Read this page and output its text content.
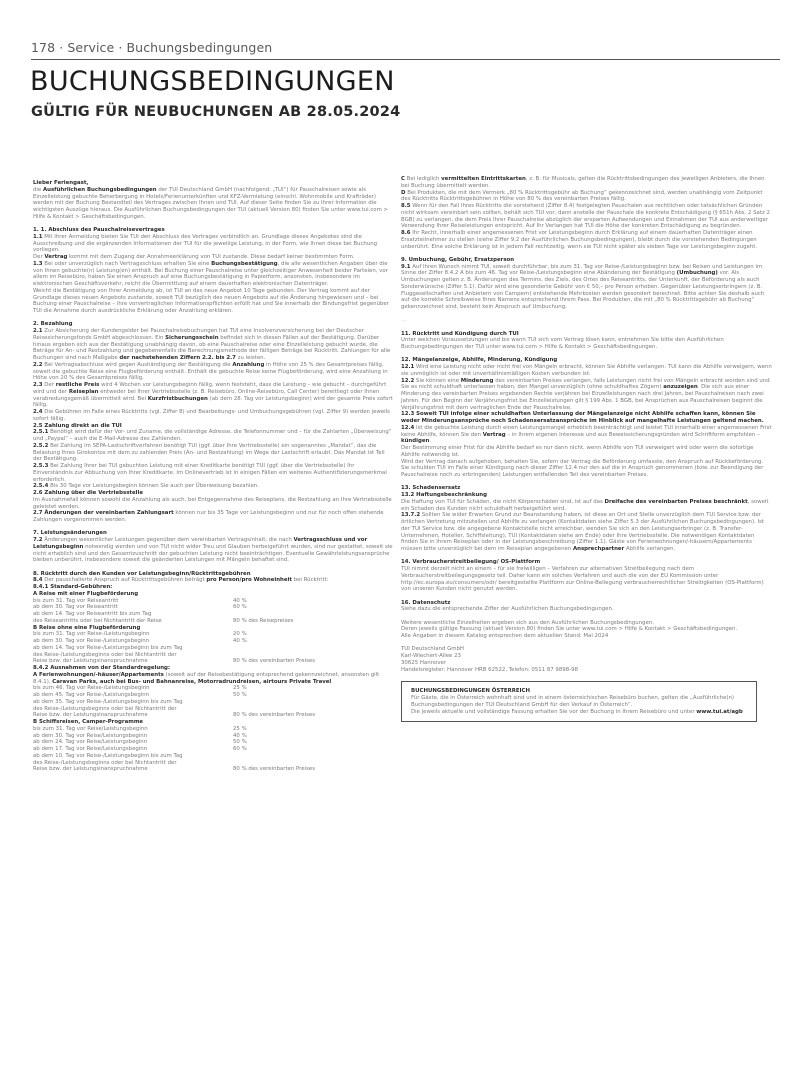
178 · Service · Buchungsbedingungen
BUCHUNGSBEDINGUNGEN
GÜLTIG FÜR NEUBUCHUNGEN AB 28.05.2024

Lieber Feriengast,

die Ausführlichen Buchungsbedingungen der TUI Deutschland GmbH (nachfolgend: „TUI“) für Pauschalreisen sowie als Einzelleistung gebuchte Beherbergung in Hotels/Ferienunterkünften und KFZ-Vermietung (einschl. Wohnmobile und Krafträder) werden mit der Buchung Bestandteil des Vertrages zwischen Ihnen und TUI. Auf dieser Seite finden Sie zu Ihrer Information die wichtigsten Auszüge hieraus. Die Ausführlichen Buchungsbedingungen der TUI (aktuell Version 80) finden Sie unter www.tui.com > Hilfe & Kontakt > Geschäftsbedingungen.

1. 1. Abschluss des Pauschalreisevertrages

1.1 Mit Ihrer Anmeldung bieten Sie TUI den Abschluss des Vertrages verbindlich an. Grundlage dieses Angebotes sind die Ausschreibung und die ergänzenden Informationen der TUI für die jeweilige Leistung, in der Form, wie Ihnen diese bei Buchung vorliegen.

Der Vertrag kommt mit dem Zugang der Annahmeerklärung von TUI zustande. Diese bedarf keiner bestimmten Form.

1.3 Bei oder unverzüglich nach Vertragsschluss erhalten Sie eine Buchungsbestätigung, die alle wesentlichen Angaben über die von Ihnen gebuchte(n) Leistung(en) enthält. Bei Buchung einer Pauschalreise unter gleichzeitiger Anwesenheit beider Parteien, vor allem im Reisebüro, haben Sie einen Anspruch auf eine Buchungsbestätigung in Papierform, ansonsten, insbesondere im elektronischen Geschäftsverkehr, reicht die Übermittlung auf einem dauerhaften elektronischen Datenträger.

Weicht die Bestätigung von Ihrer Anmeldung ab, ist TUI an das neue Angebot 10 Tage gebunden. Der Vertrag kommt auf der Grundlage dieses neuen Angebots zustande, soweit TUI bezüglich des neuen Angebots auf die Änderung hingewiesen und – bei Buchung einer Pauschalreise – ihre vorvertraglichen Informationspflichten erfüllt hat und Sie innerhalb der Bindungsfrist gegenüber TUI die Annahme durch ausdrückliche Erklärung oder Anzahlung erklären.

2. Bezahlung

2.1 Zur Absicherung der Kundengelder bei Pauschalreisebuchungen hat TUI eine Insolvenzversicherung bei der Deutscher Reisesicherungsfonds GmbH abgeschlossen. Ein Sicherungsschein befindet sich in diesen Fällen auf der Bestätigung. Darüber hinaus ergeben sich aus der Bestätigung unabhängig davon, ob eine Pauschalreise oder eine Einzelleistung gebucht wurde, die Beträge für An- und Restzahlung und gegebenenfalls die Berechnungsmethode der fälligen Beträge bei Rücktritt. Zahlungen für alle Buchungen sind nach Maßgabe der nachstehenden Ziffern 2.2. bis 2.7 zu leisten.

2.2 Bei Vertragsabschluss wird gegen Aushändigung der Bestätigung die Anzahlung in Höhe von 25 % des Gesamtpreises fällig, soweit die gebuchte Reise eine Flugbeförderung enthält. Enthält die gebuchte Reise keine Flugbeförderung, wird eine Anzahlung in Höhe von 20 % des Gesamtpreises fällig.

2.3 Der restliche Preis wird 4 Wochen vor Leistungsbeginn fällig, wenn feststeht, dass die Leistung – wie gebucht – durchgeführt wird und der Reiseplan entweder bei Ihrer Vertriebsstelle (z. B. Reisebüro, Online-Reisebüro, Call Center) bereitliegt oder Ihnen verabredungsgemäß übermittelt wird. Bei Kurzfristbuchungen (ab dem 28. Tag vor Leistungsbeginn) wird der gesamte Preis sofort fällig.

2.4 Die Gebühren im Falle eines Rücktritts (vgl. Ziffer 8) und Bearbeitungs- und Umbuchungsgebühren (vgl. Ziffer 9) werden jeweils sofort fällig.

2.5 Zahlung direkt an die TUI

2.5.1 Benötigt wird dafür der Vor- und Zuname, die vollständige Adresse, die Telefonnummer und – für die Zahlarten „Überweisung“ und „Paypal“ – auch die E-Mail-Adresse des Zahlenden.

2.5.2 Bei Zahlung im SEPA-Lastschriftverfahren benötigt TUI (ggf. über Ihre Vertriebsstelle) ein sogenanntes „Mandat“, das die Belastung Ihres Girokontos mit dem zu zahlenden Preis (An- und Restzahlung) im Wege der Lastschrift erlaubt. Das Mandat ist Teil der Bestätigung.

2.5.3 Bei Zahlung Ihrer bei TUI gebuchten Leistung mit einer Kreditkarte benötigt TUI (ggf. über die Vertriebsstelle) Ihr Einverständnis zur Abbuchung von Ihrer Kreditkarte. Im Onlinevertrieb ist in einigen Fällen ein weiteres Authentifizierungsmerkmal erforderlich.

2.5.4 Bis 30 Tage vor Leistungsbeginn können Sie auch per Überweisung bezahlen.

2.6 Zahlung über die Vertriebsstelle

Im Ausnahmefall können sowohl die Anzahlung als auch, bei Entgegennahme des Reiseplans, die Restzahlung an Ihre Vertriebsstelle geleistet werden.

2.7 Änderungen der vereinbarten Zahlungsart können nur bis 35 Tage vor Leistungsbeginn und nur für noch offen stehende Zahlungen vorgenommen werden.

7. Leistungsänderungen

7.2 Änderungen wesentlicher Leistungen gegenüber dem vereinbarten Vertragsinhalt, die nach Vertragsschluss und vor Leistungsbeginn notwendig werden und von TUI nicht wider Treu und Glauben herbeigeführt wurden, sind nur gestattet, soweit sie nicht erheblich sind und den Gesamtzuschnitt der gebuchten Leistung nicht beeinträchtigen. Eventuelle Gewährleistungsansprüche bleiben unberührt, insbesondere soweit die geänderten Leistungen mit Mängeln behaftet sind.

8. Rücktritt durch den Kunden vor Leistungsbeginn/Rücktrittsgebühren

8.4 Der pauschalierte Anspruch auf Rücktrittsgebühren beträgt pro Person/pro Wohneinheit bei Rücktritt:

8.4.1 Standard-Gebühren:

A Reise mit einer Flugbeförderung

bis zum 31. Tag vor Reiseantritt	40 %
ab dem 30. Tag vor Reiseantritt	60 %
ab dem 14. Tag vor Reiseantritt bis zum Tag
des Reiseantritts oder bei Nichtantritt der Reise	80 % des Reisepreises

B Reise ohne eine Flugbeförderung

bis zum 31. Tag vor Reise-/Leistungsbeginn	20 %
ab dem 30. Tag vor Reise-/Leistungsbeginn	40 %
ab dem 14. Tag vor Reise-/Leistungsbeginn bis zum Tag
des Reise-/Leistungsbeginns oder bei Nichtantritt der
Reise bzw. der Leistungsinanspruchnahme	80 % des vereinbarten Preises

8.4.2 Ausnahmen von der Standardregelung:

A Ferienwohnungen/-häuser/Appartements (soweit auf der Reisebestätigung entsprechend gekennzeichnet, ansonsten gilt 8.4.1), Caravan Parks, auch bei Bus- und Bahnanreise, Motorradrundreisen, airtours Private Travel

bis zum 46. Tag vor Reise-/Leistungsbeginn	25 %
ab dem 45. Tag vor Reise-/Leistungsbeginn	50 %
ab dem 35. Tag vor Reise-/Leistungsbeginn bis zum Tag
des Reise-/Leistungsbeginns oder bei Nichtantritt der
Reise bzw. der Leistungsinanspruchnahme	80 % des vereinbarten Preises

B Schiffsreisen, Camper-Programme

bis zum 31. Tag vor Reise/Leistungsbeginn	25 %
ab dem 30. Tag vor Reise/Leistungsbeginn	40 %
ab dem 24. Tag vor Reise/Leistungsbeginn	50 %
ab dem 17. Tag vor Reise/Leistungsbeginn	60 %
ab dem 10. Tag vor Reise-/Leistungsbeginn bis zum Tag
des Reise-/Leistungsbeginns oder bei Nichtantritt der
Reise bzw. der Leistungsinanspruchnahme	80 % des vereinbarten Preises

C Bei lediglich vermittelten Eintrittskarten, z. B. für Musicals, gelten die Rücktrittsbedingungen des jeweiligen Anbieters, die Ihnen bei Buchung übermittelt werden.

D Bei Produkten, die mit dem Vermerk „80 % Rücktrittsgebühr ab Buchung“ gekennzeichnet sind, werden unabhängig vom Zeitpunkt des Rücktritts Rücktrittsgebühren in Höhe von 80 % des vereinbarten Preises fällig.

8.5 Wenn für den Fall Ihres Rücktritts die vorstehend (Ziffer 8.4) festgelegten Pauschalen aus rechtlichen oder tatsächlichen Gründen nicht wirksam vereinbart sein sollten, behält sich TUI vor, dann anstelle der Pauschale die konkrete Entschädigung (§ 651h Abs. 2 Satz 2 BGB) zu verlangen, die dem Preis Ihrer Pauschalreise abzüglich der ersparten Aufwendungen und Einnahmen der TUI aus anderweitiger Verwendung Ihrer Reiseleistungen entspricht. Auf Ihr Verlangen hat TUI die Höhe der konkreten Entschädigung zu begründen.

8.6 Ihr Recht, innerhalb einer angemessenen Frist vor Leistungsbeginn durch Erklärung auf einem dauerhaften Datenträger einen Ersatzteilnehmer zu stellen (siehe Ziffer 9.2 der Ausführlichen Buchungsbedingungen), bleibt durch die vorstehenden Bedingungen unberührt. Eine solche Erklärung ist in jedem Fall rechtzeitig, wenn sie TUI nicht später als sieben Tage vor Leistungsbeginn zugeht.

9. Umbuchung, Gebühr, Ersatzperson

9.1 Auf Ihren Wunsch nimmt TUI, soweit durchführbar, bis zum 31. Tag vor Reise-/Leistungsbeginn bzw. bei Reisen und Leistungen im Sinne der Ziffer 8.4.2 A bis zum 46. Tag vor Reise-/Leistungsbeginn eine Abänderung der Bestätigung (Umbuchung) vor. Als Umbuchungen gelten z. B. Änderungen des Termins, des Ziels, des Ortes des Reiseantritts, der Unterkunft, der Beförderung als auch Sonderwünsche (Ziffer 5.1). Dafür wird eine gesonderte Gebühr von € 50,– pro Person erhoben. Gegenüber Leistungserbringern (z. B. Fluggesellschaften und Anbietern von Campern) entstehende Mehrkosten werden gesondert berechnet. Bitte achten Sie deshalb auch auf die korrekte Schreibweise Ihres Namens entsprechend Ihrem Pass. Bei Produkten, die mit „80 % Rücktrittsgebühr ab Buchung“ gekennzeichnet sind, besteht kein Anspruch auf Umbuchung.

...

11. Rücktritt und Kündigung durch TUI

Unter welchen Voraussetzungen und bis wann TUI sich vom Vertrag lösen kann, entnehmen Sie bitte den Ausführlichen Buchungsbedingungen der TUI unter www.tui.com > Hilfe & Kontakt > Geschäftsbedingungen.

12. Mängelanzeige, Abhilfe, Minderung, Kündigung

12.1 Wird eine Leistung nicht oder nicht frei von Mängeln erbracht, können Sie Abhilfe verlangen. TUI kann die Abhilfe verweigern, wenn sie unmöglich ist oder mit unverhältnismäßigen Kosten verbunden ist.

12.2 Sie können eine Minderung des vereinbarten Preises verlangen, falls Leistungen nicht frei von Mängeln erbracht worden sind und Sie es nicht schuldhaft unterlassen haben, den Mangel unverzüglich (ohne schuldhaftes Zögern) anzuzeigen. Die sich aus einer Minderung des vereinbarten Preises ergebenden Rechte verjähren bei Einzelleistungen nach drei Jahren, bei Pauschalreisen nach zwei Jahren. Für den Beginn der Verjährungsfrist bei Einzelleistungen gilt § 199 Abs. 1 BGB, bei Ansprüchen aus Pauschalreisen beginnt die Verjährungsfrist mit dem vertraglichen Ende der Pauschalreise.

12.3 Soweit TUI infolge einer schuldhaften Unterlassung der Mängelanzeige nicht Abhilfe schaffen kann, können Sie weder Minderungsansprüche noch Schadensersatzansprüche im Hinblick auf mangelhafte Leistungen geltend machen.

12.4 Ist die gebuchte Leistung durch einen Leistungsmangel erheblich beeinträchtigt und leistet TUI innerhalb einer angemessenen Frist keine Abhilfe, können Sie den Vertrag – in Ihrem eigenen Interesse und aus Beweissicherungsgründen wird Schriftform empfohlen – kündigen.

Der Bestimmung einer Frist für die Abhilfe bedarf es nur dann nicht, wenn Abhilfe von TUI verweigert wird oder wenn die sofortige Abhilfe notwendig ist.

Wird der Vertrag danach aufgehoben, behalten Sie, sofern der Vertrag die Beförderung umfasste, den Anspruch auf Rückbeförderung. Sie schulden TUI im Falle einer Kündigung nach dieser Ziffer 12.4 nur den auf die in Anspruch genommenen (bzw. zur Beendigung der Pauschalreise noch zu erbringenden) Leistungen entfallenden Teil des vereinbarten Preises.

13. Schadensersatz

13.2 Haftungsbeschränkung

Die Haftung von TUI für Schäden, die nicht Körperschäden sind, ist auf das Dreifache des vereinbarten Preises beschränkt, soweit ein Schaden des Kunden nicht schuldhaft herbeigeführt wird.

13.7.2 Sollten Sie wider Erwarten Grund zur Beanstandung haben, ist diese an Ort und Stelle unverzüglich dem TUI Service bzw. der örtlichen Vertretung mitzuteilen und Abhilfe zu verlangen (Kontaktdaten siehe Ziffer 5.3 der Ausführlichen Buchungsbedingungen). Ist der TUI Service bzw. die angegebene Kontaktstelle nicht erreichbar, wenden Sie sich an den Leistungserbringer (z. B. Transfer-Unternehmen, Hotelier, Schiffsleitung), TUI (Kontaktdaten siehe am Ende) oder Ihre Vertriebsstelle. Die notwendigen Kontaktdaten finden Sie in Ihrem Reiseplan oder in der Leistungsbeschreibung (Ziffer 1.1). Gäste von Ferienwohnungen/-häusern/Appartements müssen bitte unverzüglich bei dem im Reiseplan angegebenen Ansprechpartner Abhilfe verlangen.

14. Verbraucherstreitbeilegung/ OS-Plattform

TUI nimmt derzeit nicht an einem – für sie freiwilligen – Verfahren zur alternativen Streitbeilegung nach dem Verbraucherstreitbeilegungsgesetz teil. Daher kann ein solches Verfahren und auch die von der EU Kommission unter http://ec.europa.eu/consumers/odr/ bereitgestellte Plattform zur Online-Beilegung verbraucherrechtlicher Streitigkeiten (OS-Plattform) von unseren Kunden nicht genutzt werden.

16. Datenschutz

Siehe dazu die entsprechende Ziffer der Ausführlichen Buchungsbedingungen.

Weitere wesentliche Einzelheiten ergeben sich aus den Ausführlichen Buchungsbedingungen.

Deren jeweils gültige Fassung (aktuell Version 80) finden Sie unter www.tui.com > Hilfe & Kontakt > Geschäftsbedingungen.

Alle Angaben in diesem Katalog entsprechen dem aktuellen Stand: Mai 2024

TUI Deutschland GmbH

Karl-Wiechert-Allee 23

30625 Hannover

Handelsregister: Hannover HRB 62522, Telefon: 0511 87 9898-98

BUCHUNGSBEDINGUNGEN ÖSTERREICH

Für Gäste, die in Österreich wohnhaft sind und in einem österreichischen Reisebüro buchen, gelten die „Ausführliche(n) Buchungsbedingungen der TUI Deutschland GmbH für den Verkauf in Österreich“.

Die jeweils aktuelle und vollständige Fassung erhalten Sie vor der Buchung in Ihrem Reisebüro und unter www.tui.at/agb
